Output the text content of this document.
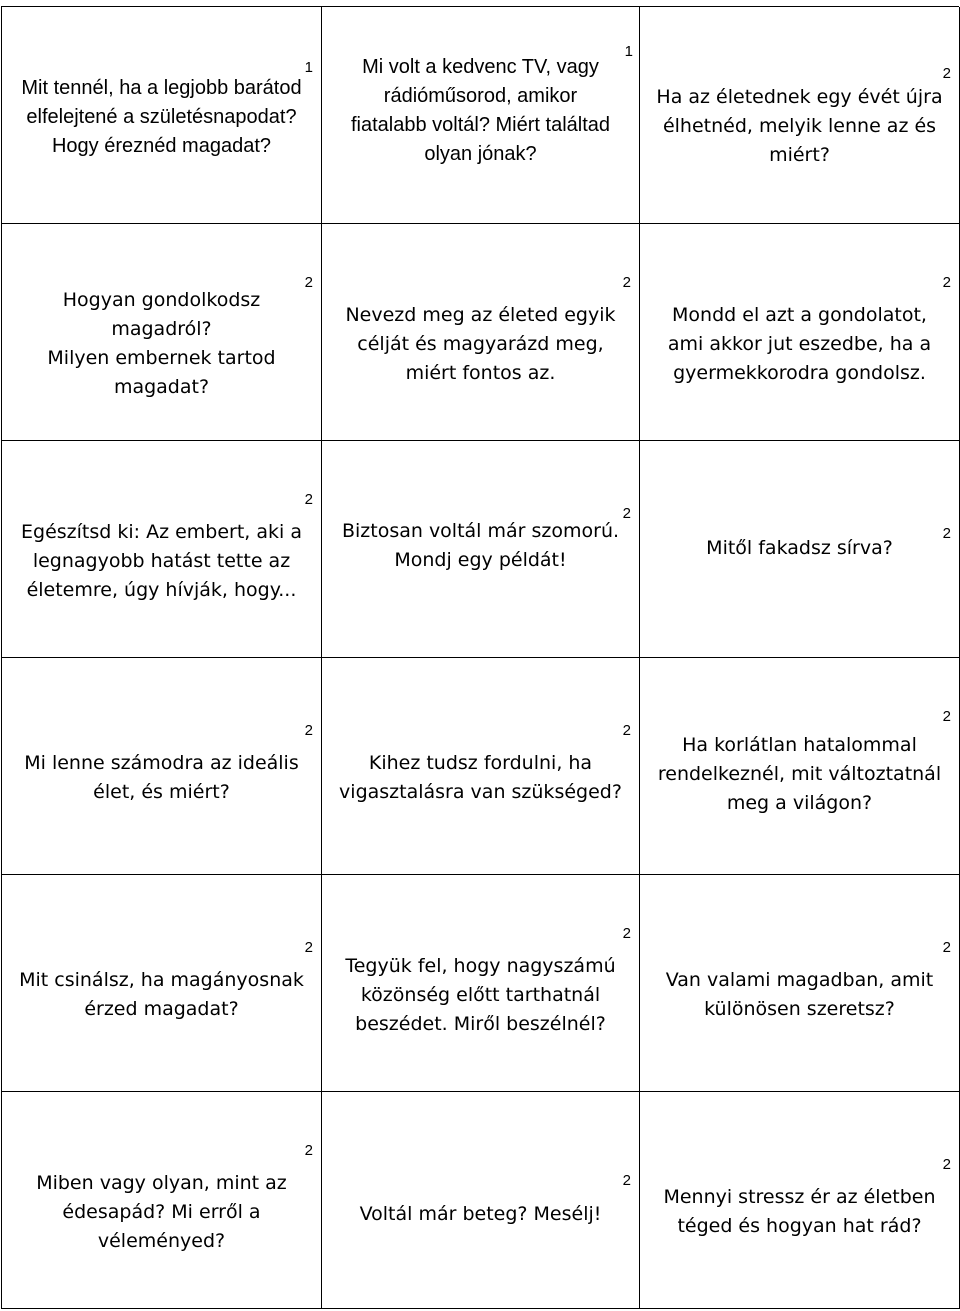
1
Mit tennél, ha a legjobb barátod
elfelejtené a születésnapodat?
Hogy éreznéd magadat?
1
Mi volt a kedvenc TV, vagy
rádióműsorod, amikor
fiatalabb voltál? Miért találtad
olyan jónak?
2
Ha az életednek egy évét újra
élhetnéd, melyik lenne az és
miért?
2
Hogyan gondolkodsz magadról?
Milyen embernek tartod
magadat?
2
Nevezd meg az életed egyik
célját és magyarázd meg,
miért fontos az.
2
Mondd el azt a gondolatot,
ami akkor jut eszedbe, ha a
gyermekkorodra gondolsz.
2
Egészítsd ki: Az embert, aki a
legnagyobb hatást tette az
életemre, úgy hívják, hogy...
2
Biztosan voltál már szomorú.
Mondj egy példát!
2
Mitől fakadsz sírva?
2
Mi lenne számodra az ideális
élet, és miért?
2
Kihez tudsz fordulni, ha
vigasztalásra van szükséged?
2
Ha korlátlan hatalommal
rendelkeznél, mit változtatnál
meg a világon?
2
Mit csinálsz, ha magányosnak
érzed magadat?
2
Tegyük fel, hogy nagyszámú
közönség előtt tarthatnál
beszédet. Miről beszélnél?
2
Van valami magadban, amit
különösen szeretsz?
2
Miben vagy olyan, mint az
édesapád? Mi erről a
véleményed?
2
Voltál már beteg? Mesélj!
2
Mennyi stressz ér az életben
téged és hogyan hat rád?
